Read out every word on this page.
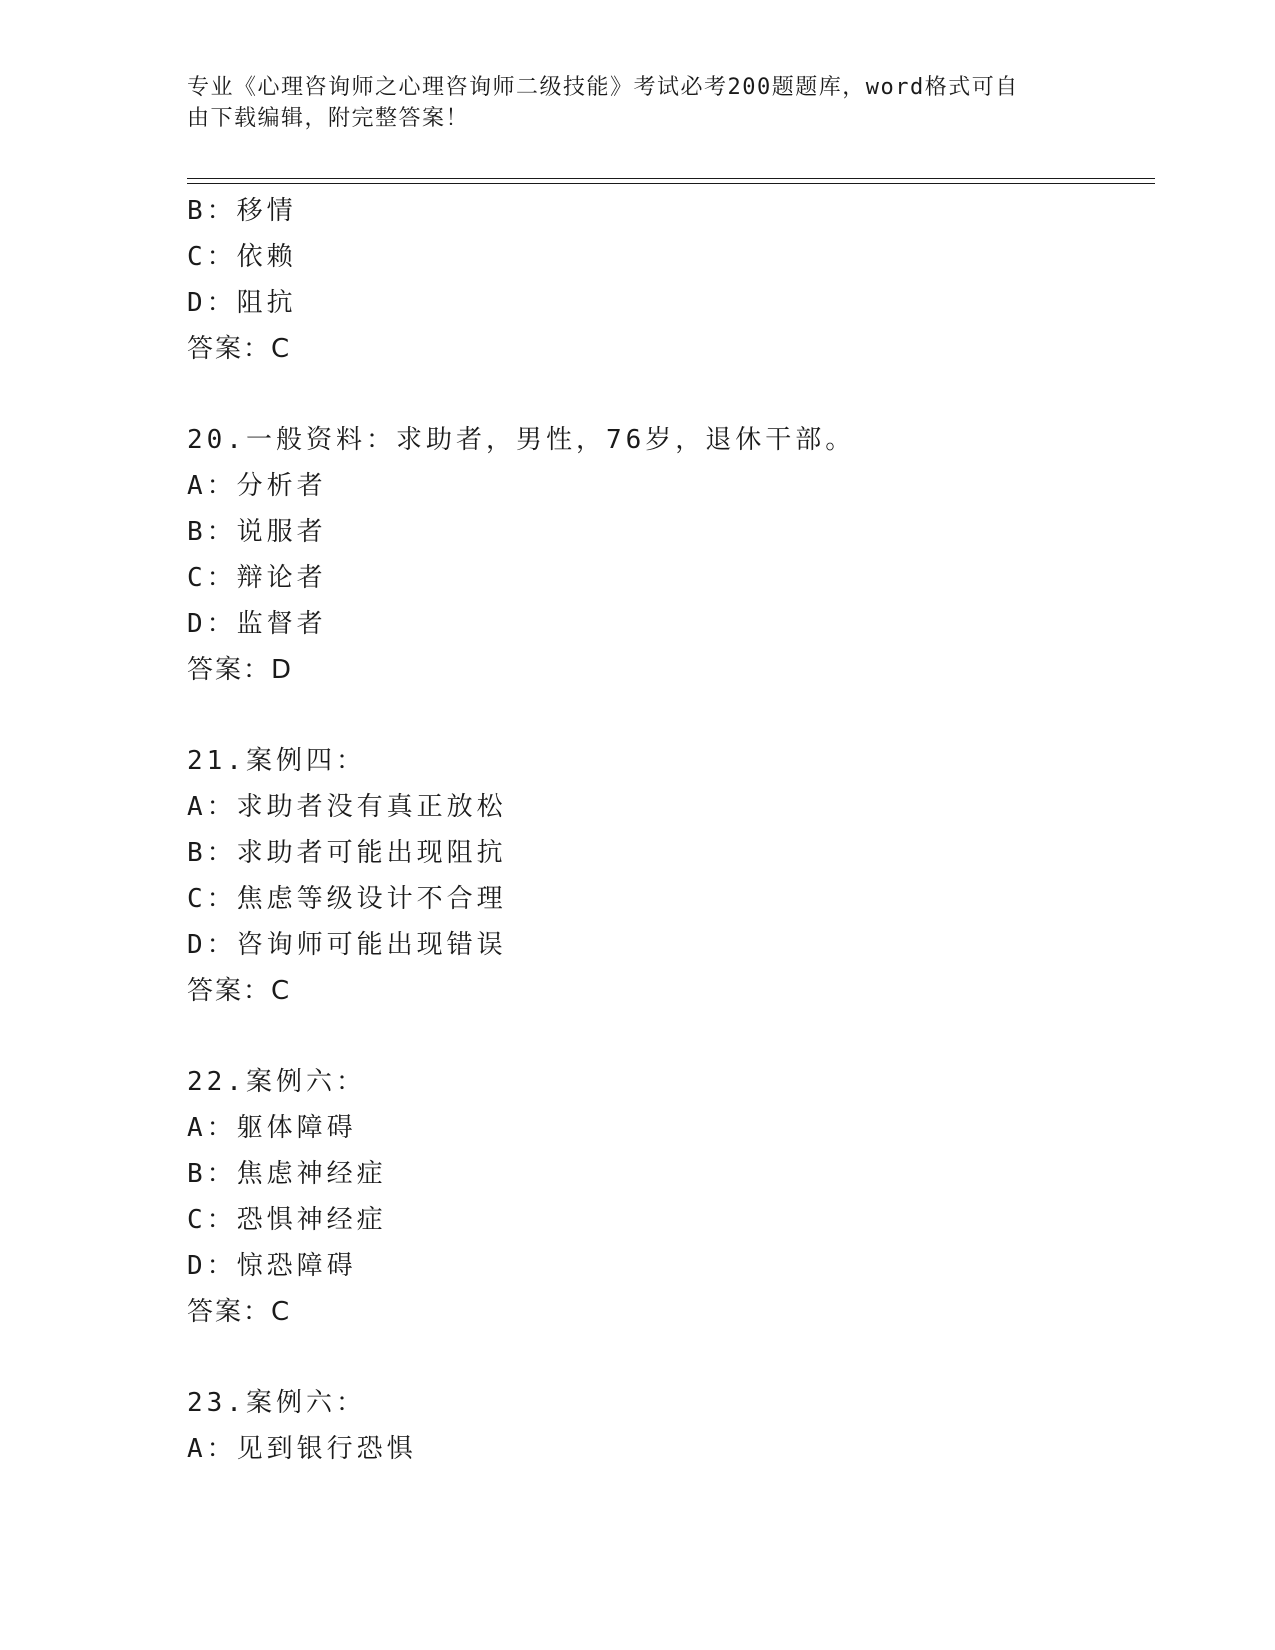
专业《心理咨询师之心理咨询师二级技能》考试必考200题题库，word格式可自

由下载编辑，附完整答案！

B：移情
C：依赖
D：阻抗
答案：C
20.一般资料：求助者，男性，76岁，退休干部。
A：分析者
B：说服者
C：辩论者
D：监督者
答案：D
21.案例四：
A：求助者没有真正放松
B：求助者可能出现阻抗
C：焦虑等级设计不合理
D：咨询师可能出现错误
答案：C
22.案例六：
A：躯体障碍
B：焦虑神经症
C：恐惧神经症
D：惊恐障碍
答案：C
23.案例六：
A：见到银行恐惧
